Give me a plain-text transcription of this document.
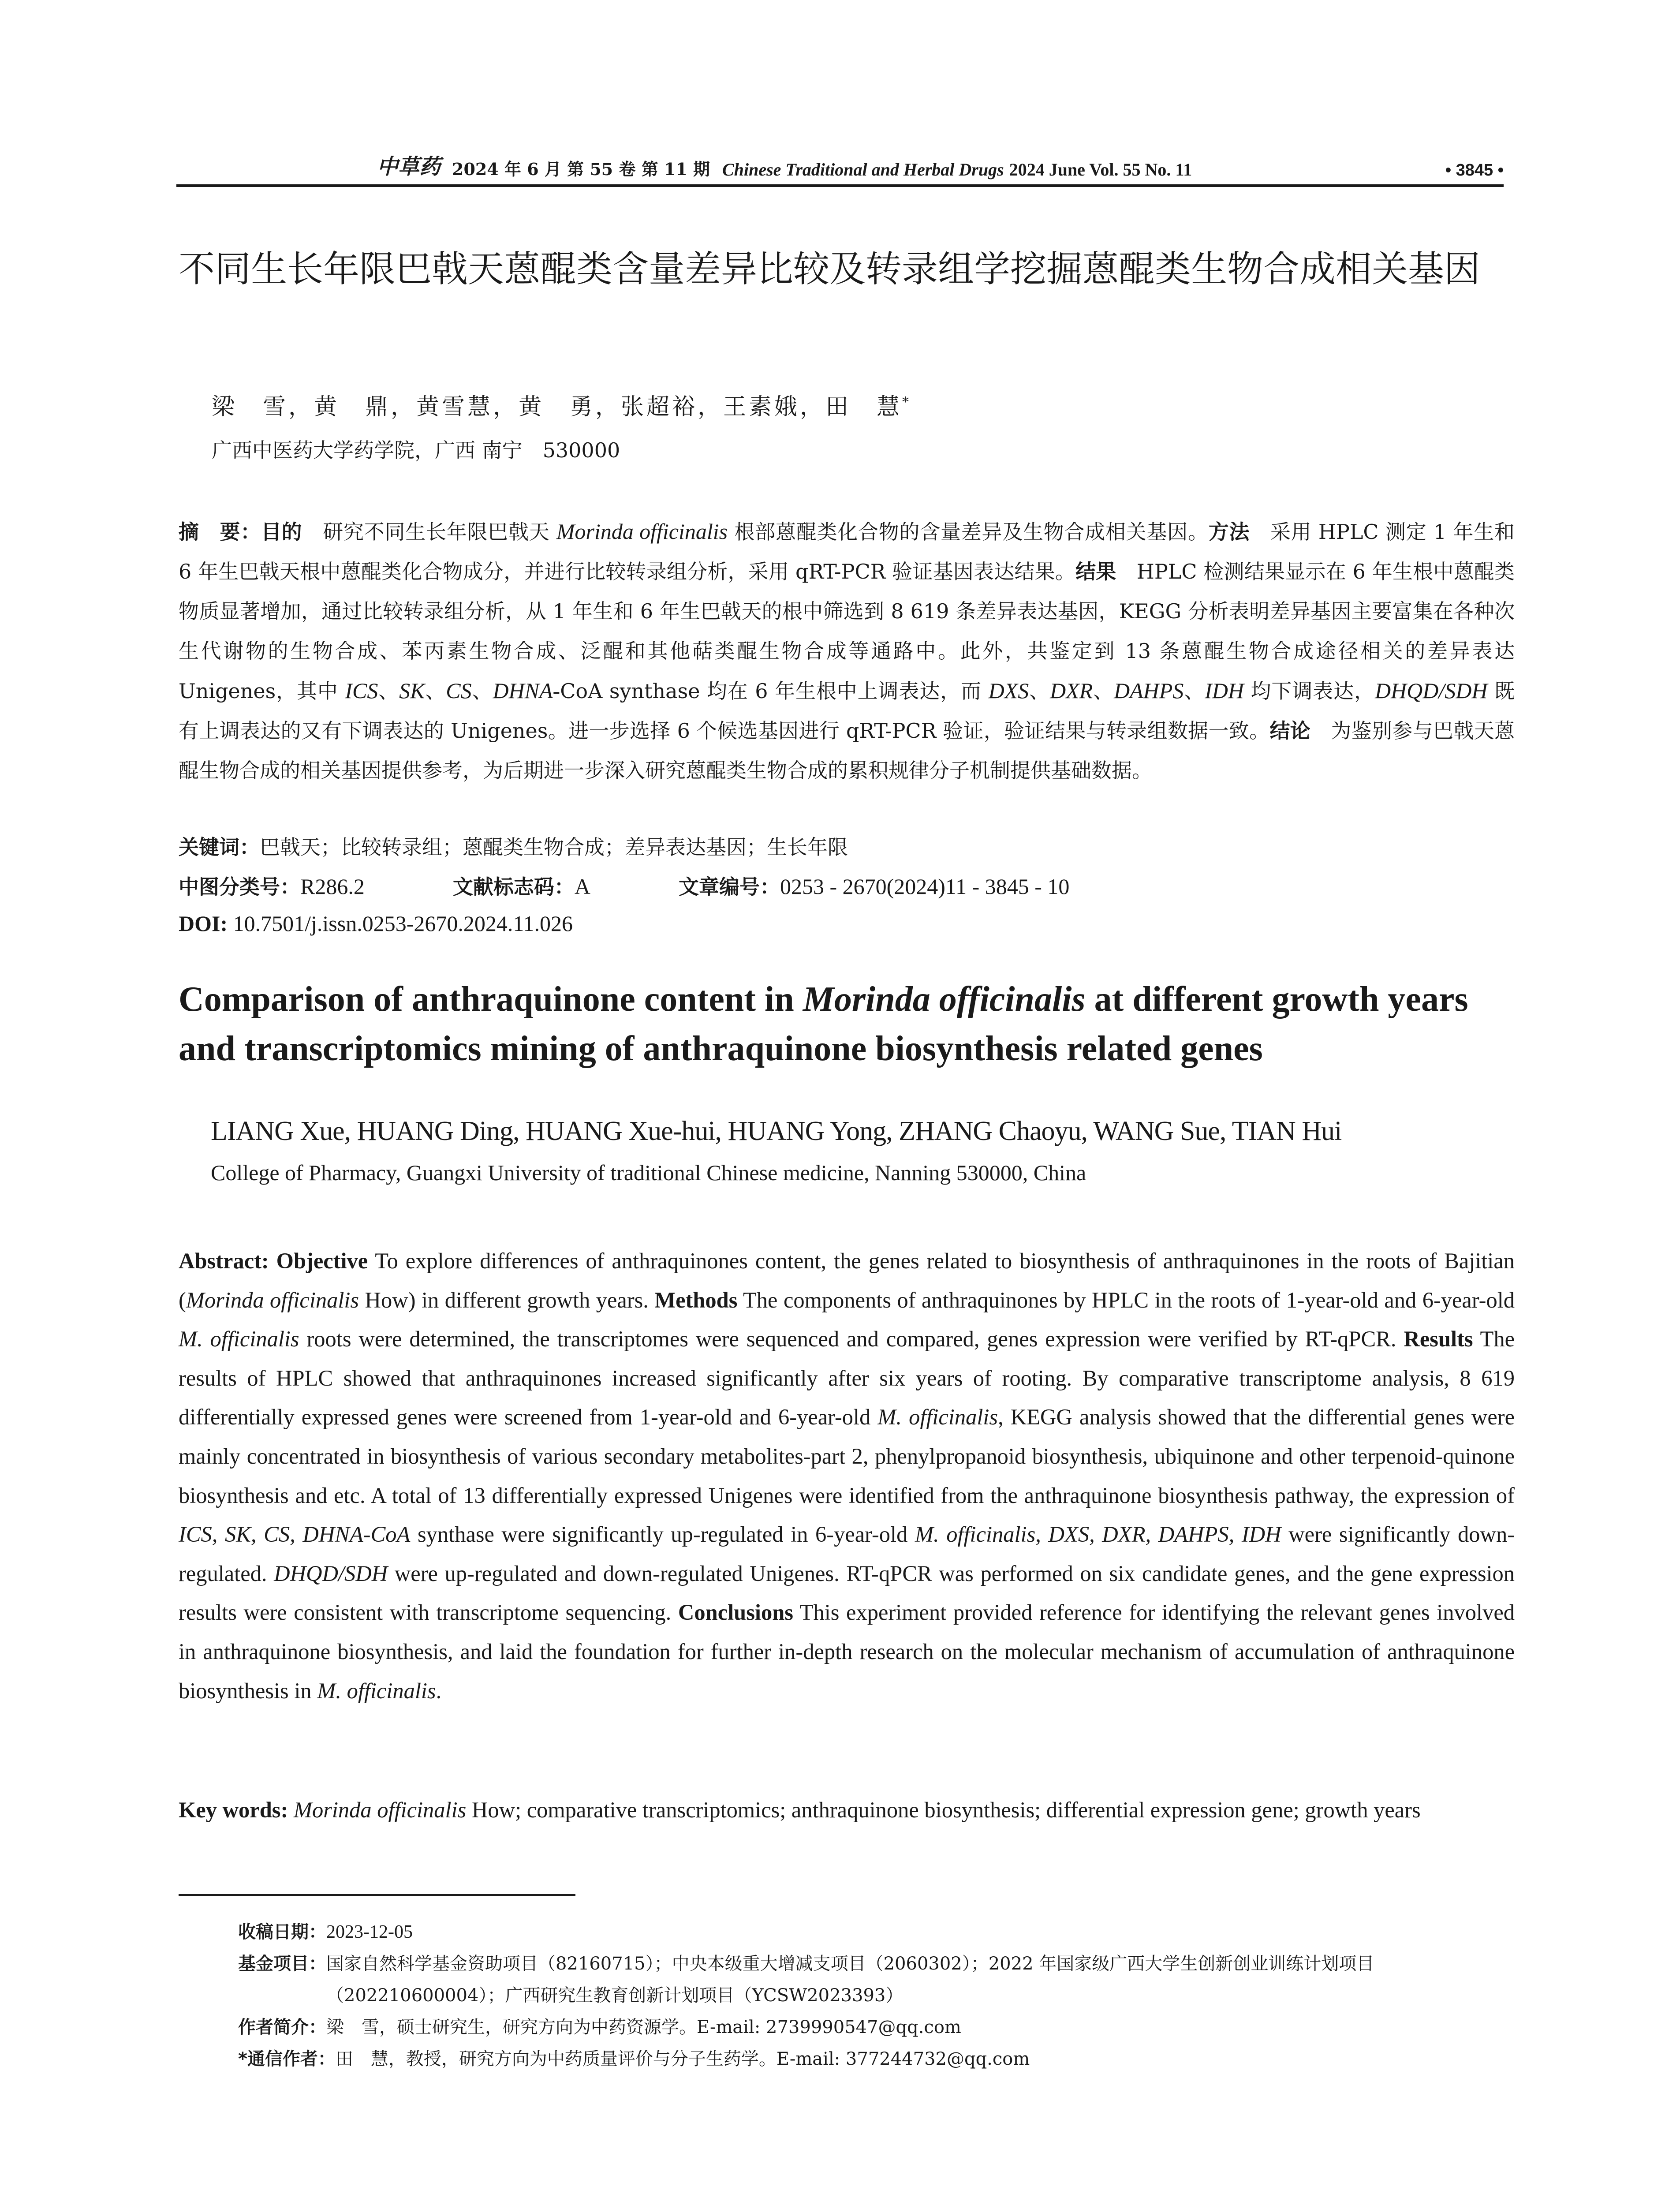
中草药 2024 年 6 月 第 55 卷 第 11 期 Chinese Traditional and Herbal Drugs 2024 June Vol. 55 No. 11	• 3845 •
不同生长年限巴戟天蒽醌类含量差异比较及转录组学挖掘蒽醌类生物合成相关基因
梁　雪，黄　鼎，黄雪慧，黄　勇，张超裕，王素娥，田　慧*
广西中医药大学药学院，广西 南宁　530000

摘　要：目的　研究不同生长年限巴戟天 Morinda officinalis 根部蒽醌类化合物的含量差异及生物合成相关基因。方法　采用 HPLC 测定 1 年生和 6 年生巴戟天根中蒽醌类化合物成分，并进行比较转录组分析，采用 qRT-PCR 验证基因表达结果。结果　HPLC 检测结果显示在 6 年生根中蒽醌类物质显著增加，通过比较转录组分析，从 1 年生和 6 年生巴戟天的根中筛选到 8 619 条差异表达基因，KEGG 分析表明差异基因主要富集在各种次生代谢物的生物合成、苯丙素生物合成、泛醌和其他萜类醌生物合成等通路中。此外，共鉴定到 13 条蒽醌生物合成途径相关的差异表达 Unigenes，其中 ICS、SK、CS、DHNA-CoA synthase 均在 6 年生根中上调表达，而 DXS、DXR、DAHPS、IDH 均下调表达，DHQD/SDH 既有上调表达的又有下调表达的 Unigenes。进一步选择 6 个候选基因进行 qRT-PCR 验证，验证结果与转录组数据一致。结论　为鉴别参与巴戟天蒽醌生物合成的相关基因提供参考，为后期进一步深入研究蒽醌类生物合成的累积规律分子机制提供基础数据。

关键词：巴戟天；比较转录组；蒽醌类生物合成；差异表达基因；生长年限
中图分类号：R286.2	文献标志码：A	文章编号：0253 - 2670(2024)11 - 3845 - 10
DOI: 10.7501/j.issn.0253-2670.2024.11.026
Comparison of anthraquinone content in Morinda officinalis at different growth years and transcriptomics mining of anthraquinone biosynthesis related genes
LIANG Xue, HUANG Ding, HUANG Xue-hui, HUANG Yong, ZHANG Chaoyu, WANG Sue, TIAN Hui
College of Pharmacy, Guangxi University of traditional Chinese medicine, Nanning 530000, China

Abstract: Objective To explore differences of anthraquinones content, the genes related to biosynthesis of anthraquinones in the roots of Bajitian (Morinda officinalis How) in different growth years. Methods The components of anthraquinones by HPLC in the roots of 1-year-old and 6-year-old M. officinalis roots were determined, the transcriptomes were sequenced and compared, genes expression were verified by RT-qPCR. Results The results of HPLC showed that anthraquinones increased significantly after six years of rooting. By comparative transcriptome analysis, 8 619 differentially expressed genes were screened from 1-year-old and 6-year-old M. officinalis, KEGG analysis showed that the differential genes were mainly concentrated in biosynthesis of various secondary metabolites-part 2, phenylpropanoid biosynthesis, ubiquinone and other terpenoid-quinone biosynthesis and etc. A total of 13 differentially expressed Unigenes were identified from the anthraquinone biosynthesis pathway, the expression of ICS, SK, CS, DHNA-CoA synthase were significantly up-regulated in 6-year-old M. officinalis, DXS, DXR, DAHPS, IDH were significantly down-regulated. DHQD/SDH were up-regulated and down-regulated Unigenes. RT-qPCR was performed on six candidate genes, and the gene expression results were consistent with transcriptome sequencing. Conclusions This experiment provided reference for identifying the relevant genes involved in anthraquinone biosynthesis, and laid the foundation for further in-depth research on the molecular mechanism of accumulation of anthraquinone biosynthesis in M. officinalis.

Key words: Morinda officinalis How; comparative transcriptomics; anthraquinone biosynthesis; differential expression gene; growth years

收稿日期： 2023-12-05
基金项目： 国家自然科学基金资助项目（82160715）；中央本级重大增减支项目（2060302）；2022 年国家级广西大学生创新创业训练计划项目（202210600004）；广西研究生教育创新计划项目（YCSW2023393）
作者简介： 梁　雪，硕士研究生，研究方向为中药资源学。E-mail: 2739990547@qq.com
*通信作者： 田　慧，教授，研究方向为中药质量评价与分子生药学。E-mail: 377244732@qq.com
